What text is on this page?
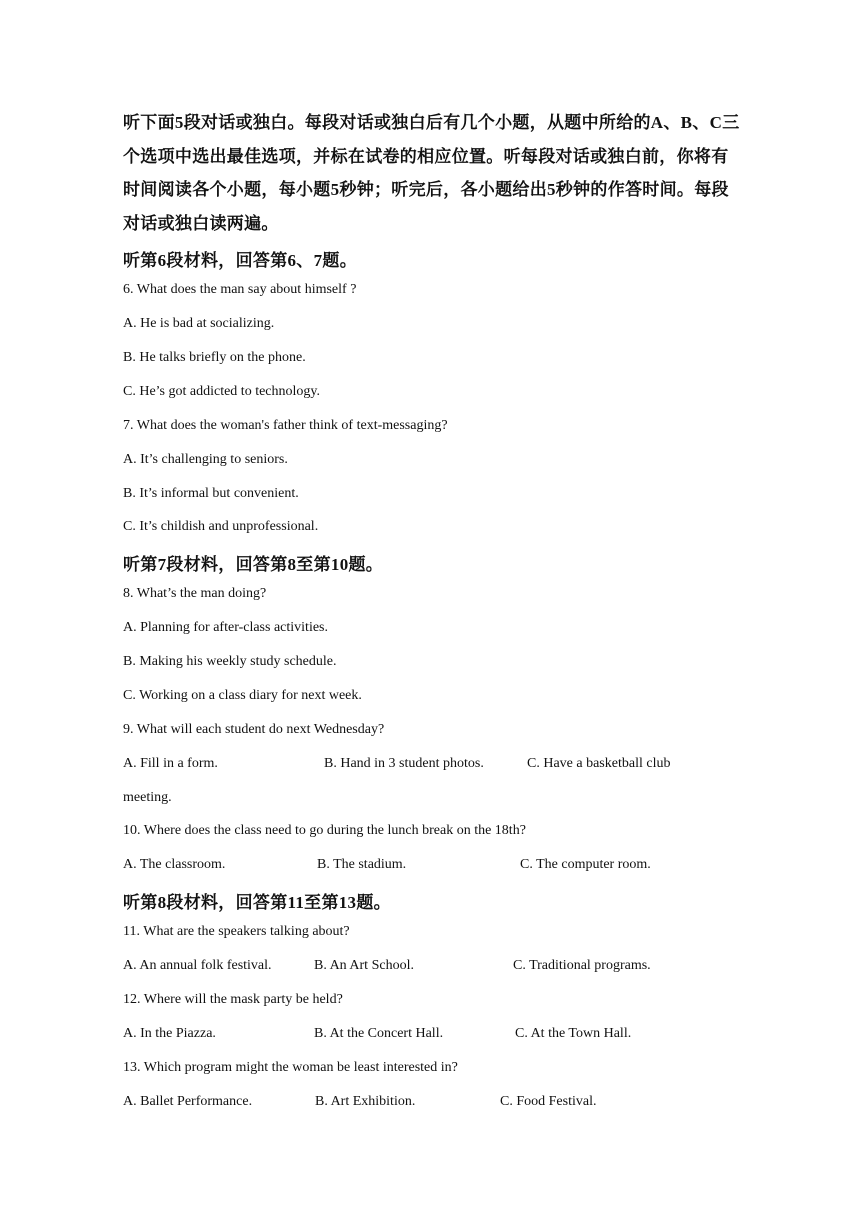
听下面5段对话或独白。每段对话或独白后有几个小题，从题中所给的A、B、C三个选项中选出最佳选项，并标在试卷的相应位置。听每段对话或独白前，你将有时间阅读各个小题，每小题5秒钟；听完后，各小题给出5秒钟的作答时间。每段对话或独白读两遍。
听第6段材料，回答第6、7题。
6. What does the man say about himself ?
A. He is bad at socializing.
B. He talks briefly on the phone.
C. He’s got addicted to technology.
7. What does the woman's father think of text-messaging?
A. It’s challenging to seniors.
B. It’s informal but convenient.
C. It’s childish and unprofessional.
听第7段材料，回答第8至第10题。
8. What’s the man doing?
A. Planning for after-class activities.
B. Making his weekly study schedule.
C. Working on a class diary for next week.
9. What will each student do next Wednesday?
A. Fill in a form.	B. Hand in 3 student photos.	C. Have a basketball club
meeting.
10. Where does the class need to go during the lunch break on the 18th?
A. The classroom.	B. The stadium.	C. The computer room.
听第8段材料，回答第11至第13题。
11. What are the speakers talking about?
A. An annual folk festival.	B. An Art School.	C. Traditional programs.
12. Where will the mask party be held?
A. In the Piazza.	B. At the Concert Hall.	C. At the Town Hall.
13. Which program might the woman be least interested in?
A. Ballet Performance.	B. Art Exhibition.	C. Food Festival.
